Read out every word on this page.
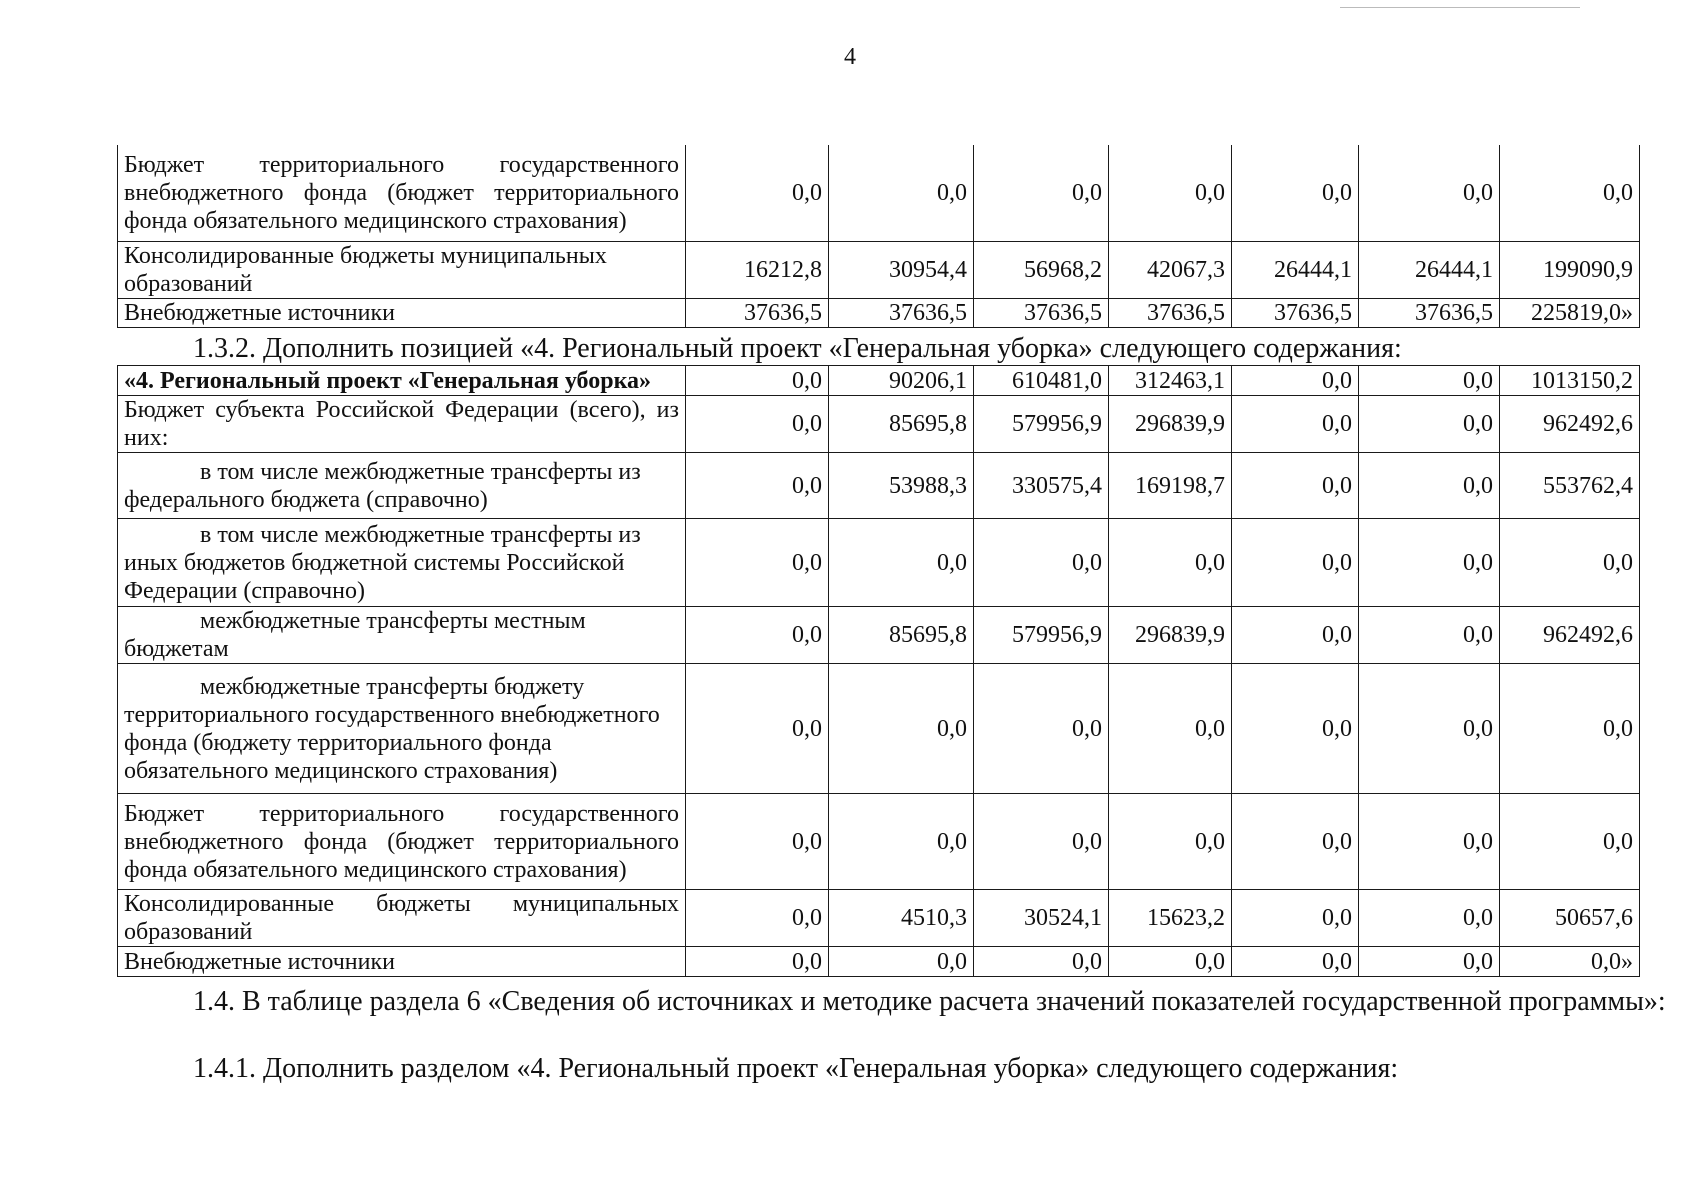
4
Бюджет территориального государственного внебюджетного фонда (бюджет территориального фонда обязательного медицинского страхования)	0,0	0,0	0,0	0,0	0,0	0,0	0,0
Консолидированные бюджеты муниципальных образований	16212,8	30954,4	56968,2	42067,3	26444,1	26444,1	199090,9
Внебюджетные источники	37636,5	37636,5	37636,5	37636,5	37636,5	37636,5	225819,0»
1.3.2. Дополнить позицией «4. Региональный проект «Генеральная уборка» следующего содержания:
«4. Региональный проект «Генеральная уборка»	0,0	90206,1	610481,0	312463,1	0,0	0,0	1013150,2
Бюджет субъекта Российской Федерации (всего), из них:	0,0	85695,8	579956,9	296839,9	0,0	0,0	962492,6
в том числе межбюджетные трансферты из федерального бюджета (справочно)	0,0	53988,3	330575,4	169198,7	0,0	0,0	553762,4
в том числе межбюджетные трансферты из иных бюджетов бюджетной системы Российской Федерации (справочно)	0,0	0,0	0,0	0,0	0,0	0,0	0,0
межбюджетные трансферты местным бюджетам	0,0	85695,8	579956,9	296839,9	0,0	0,0	962492,6
межбюджетные трансферты бюджету территориального государственного внебюджетного фонда (бюджету территориального фонда обязательного медицинского страхования)	0,0	0,0	0,0	0,0	0,0	0,0	0,0
Бюджет территориального государственного внебюджетного фонда (бюджет территориального фонда обязательного медицинского страхования)	0,0	0,0	0,0	0,0	0,0	0,0	0,0
Консолидированные бюджеты муниципальных образований	0,0	4510,3	30524,1	15623,2	0,0	0,0	50657,6
Внебюджетные источники	0,0	0,0	0,0	0,0	0,0	0,0	0,0»
1.4. В таблице раздела 6 «Сведения об источниках и методике расчета значений показателей государственной программы»:
1.4.1. Дополнить разделом «4. Региональный проект «Генеральная уборка» следующего содержания:
